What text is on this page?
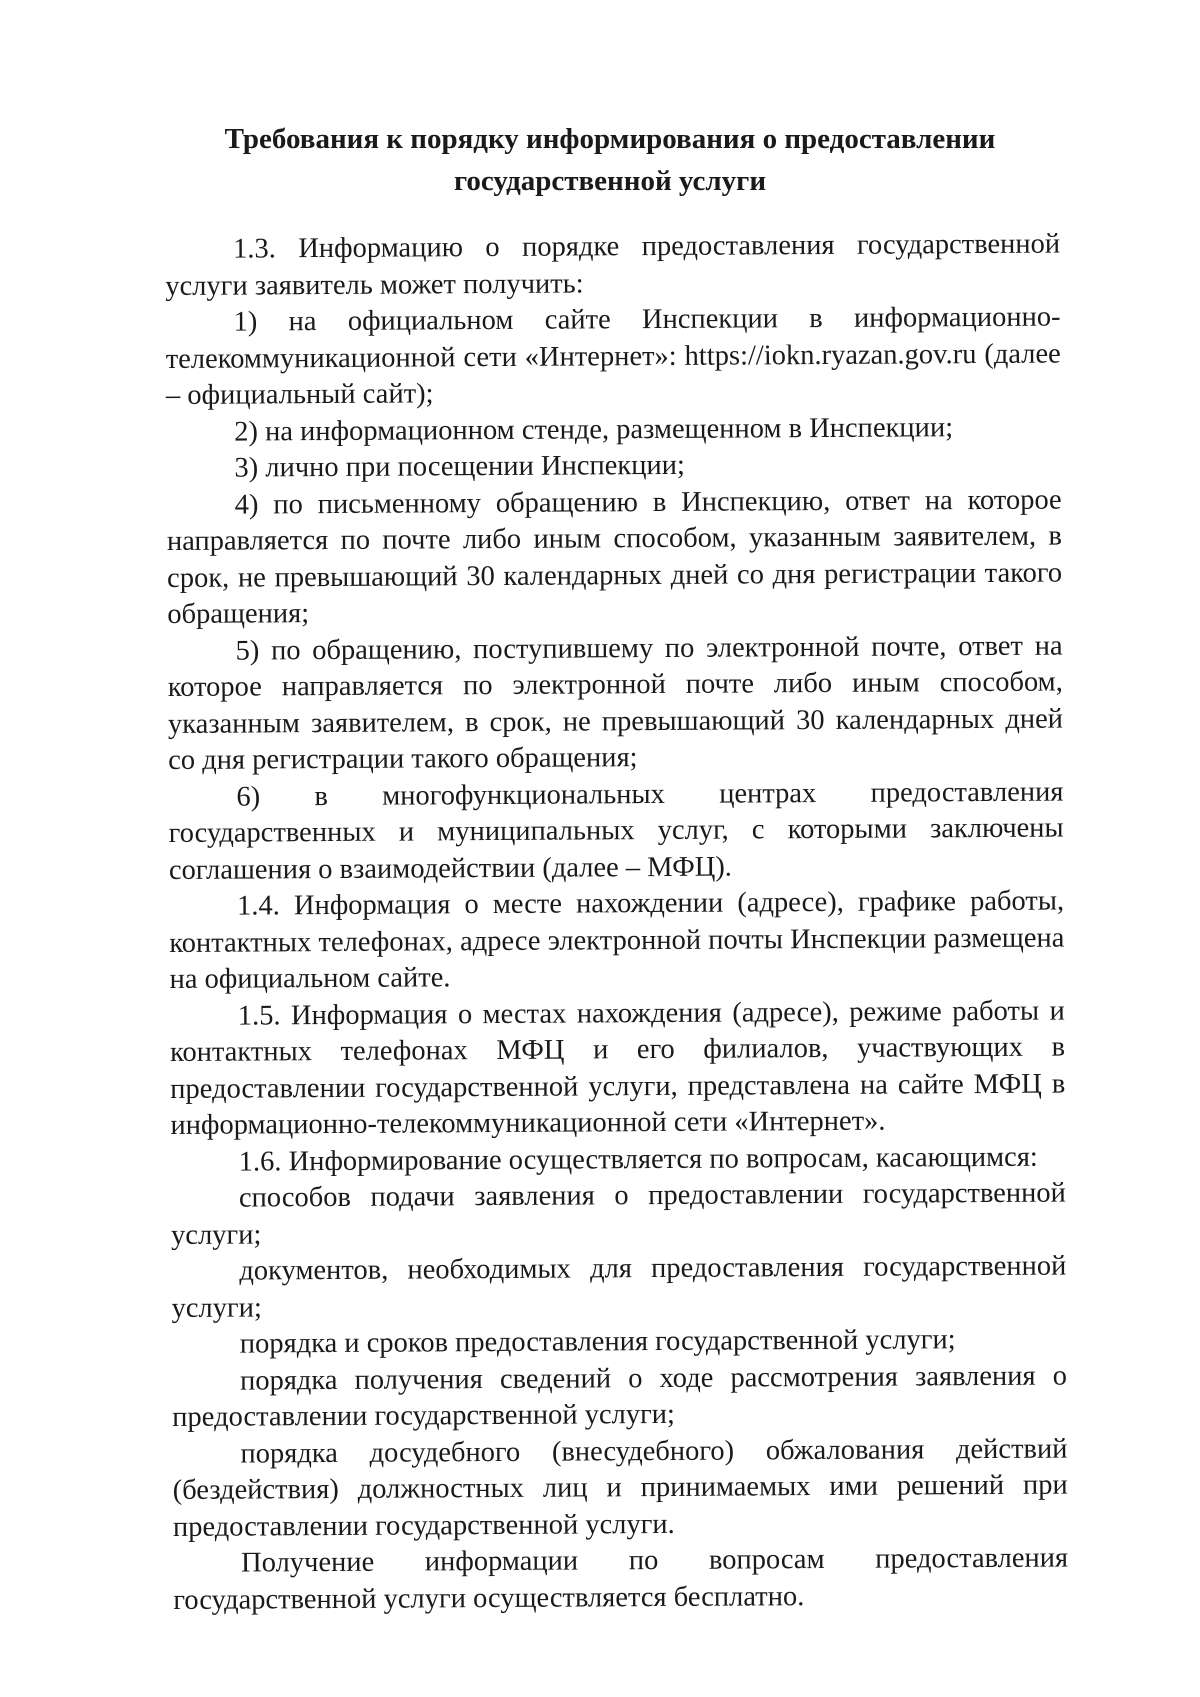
Требования к порядку информирования о предоставлении
государственной услуги

1.3. Информацию о порядке предоставления государственной услуги заявитель может получить:

1) на официальном сайте Инспекции в информационно-телекоммуникационной сети «Интернет»: https://iokn.ryazan.gov.ru (далее – официальный сайт);

2) на информационном стенде, размещенном в Инспекции;

3) лично при посещении Инспекции;

4) по письменному обращению в Инспекцию, ответ на которое направляется по почте либо иным способом, указанным заявителем, в срок, не превышающий 30 календарных дней со дня регистрации такого обращения;

5) по обращению, поступившему по электронной почте, ответ на которое направляется по электронной почте либо иным способом, указанным заявителем, в срок, не превышающий 30 календарных дней со дня регистрации такого обращения;

6) в многофункциональных центрах предоставления государственных и муниципальных услуг, с которыми заключены соглашения о взаимодействии (далее – МФЦ).

1.4. Информация о месте нахождении (адресе), графике работы, контактных телефонах, адресе электронной почты Инспекции размещена на официальном сайте.

1.5. Информация о местах нахождения (адресе), режиме работы и контактных телефонах МФЦ и его филиалов, участвующих в предоставлении государственной услуги, представлена на сайте МФЦ в информационно-телекоммуникационной сети «Интернет».

1.6. Информирование осуществляется по вопросам, касающимся:

способов подачи заявления о предоставлении государственной услуги;

документов, необходимых для предоставления государственной услуги;

порядка и сроков предоставления государственной услуги;

порядка получения сведений о ходе рассмотрения заявления о предоставлении государственной услуги;

порядка досудебного (внесудебного) обжалования действий (бездействия) должностных лиц и принимаемых ими решений при предоставлении государственной услуги.

Получение информации по вопросам предоставления государственной услуги осуществляется бесплатно.
